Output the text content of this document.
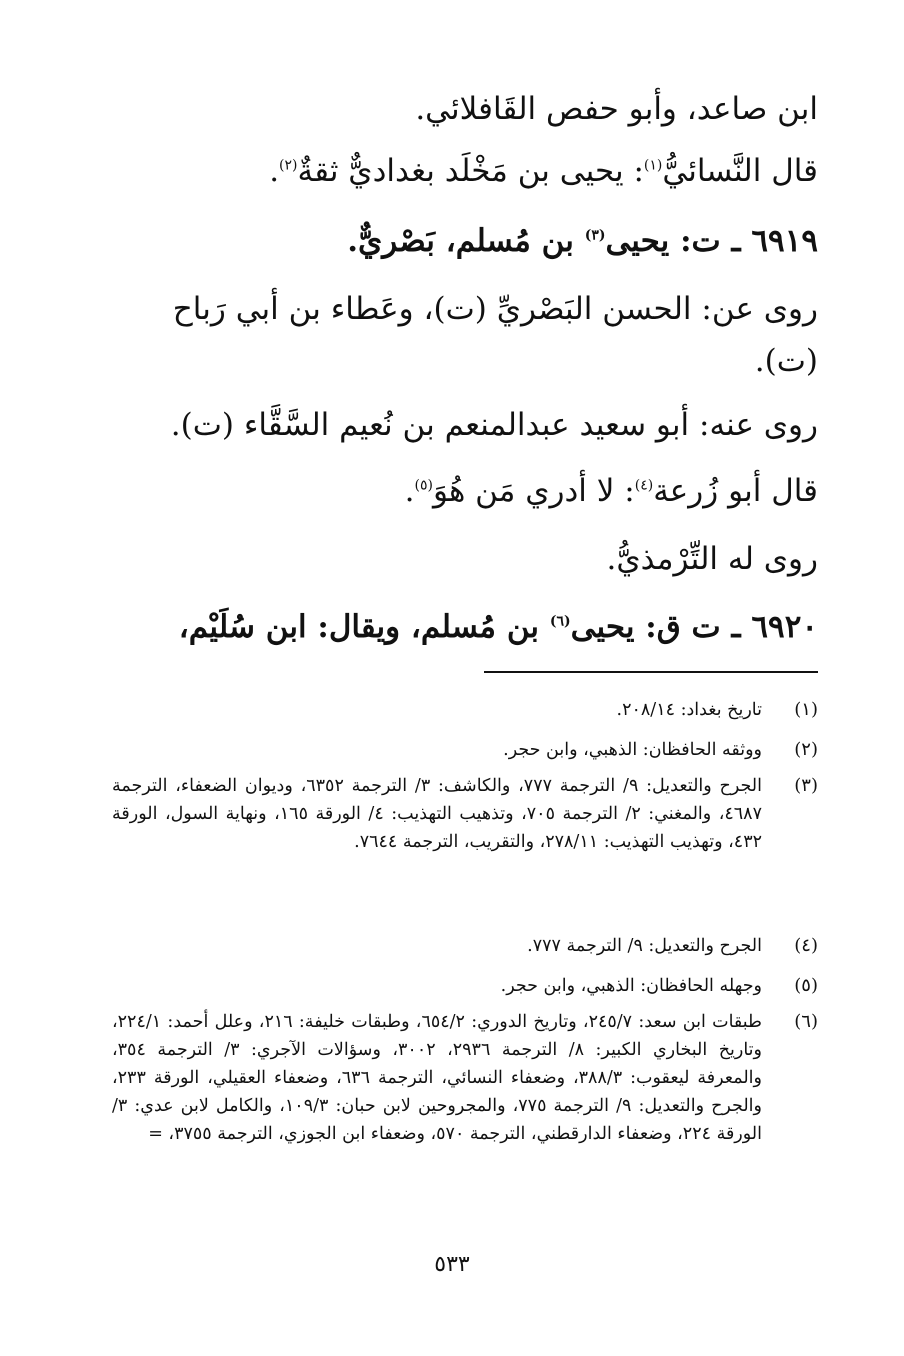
ابن صاعد، وأبو حفص القَافلائي.
قال النَّسائيُّ$^{(١)}$: يحيى بن مَخْلَد بغداديٌّ ثقةٌ$^{(٢)}$.
٦٩١٩ ـ ت: يحيى$^{(٣)}$ بن مُسلم، بَصْريٌّ.
روى عن: الحسن البَصْريِّ (ت)، وعَطاء بن أبي رَباح
(ت).
روى عنه: أبو سعيد عبدالمنعم بن نُعيم السَّقَّاء (ت).
قال أبو زُرعة$^{(٤)}$: لا أدري مَن هُوَ$^{(٥)}$.
روى له التِّرْمذيُّ.
٦٩٢٠ ـ ت ق: يحيى$^{(٦)}$ بن مُسلم، ويقال: ابن سُلَيْم،
(١)
تاريخ بغداد: ٢٠٨/١٤.
(٢)
ووثقه الحافظان: الذهبي، وابن حجر.
(٣)
الجرح والتعديل: ٩/ الترجمة ٧٧٧، والكاشف: ٣/ الترجمة ٦٣٥٢، وديوان الضعفاء، الترجمة ٤٦٨٧، والمغني: ٢/ الترجمة ٧٠٥، وتذهيب التهذيب: ٤/ الورقة ١٦٥، ونهاية السول، الورقة ٤٣٢، وتهذيب التهذيب: ٢٧٨/١١، والتقريب، الترجمة ٧٦٤٤.
(٤)
الجرح والتعديل: ٩/ الترجمة ٧٧٧.
(٥)
وجهله الحافظان: الذهبي، وابن حجر.
(٦)
طبقات ابن سعد: ٢٤٥/٧، وتاريخ الدوري: ٦٥٤/٢، وطبقات خليفة: ٢١٦، وعلل أحمد: ٢٢٤/١، وتاريخ البخاري الكبير: ٨/ الترجمة ٢٩٣٦، ٣٠٠٢، وسؤالات الآجري: ٣/ الترجمة ٣٥٤، والمعرفة ليعقوب: ٣٨٨/٣، وضعفاء النسائي، الترجمة ٦٣٦، وضعفاء العقيلي، الورقة ٢٣٣، والجرح والتعديل: ٩/ الترجمة ٧٧٥، والمجروحين لابن حبان: ١٠٩/٣، والكامل لابن عدي: ٣/الورقة ٢٢٤، وضعفاء الدارقطني، الترجمة ٥٧٠، وضعفاء ابن الجوزي، الترجمة ٣٧٥٥، =
٥٣٣
